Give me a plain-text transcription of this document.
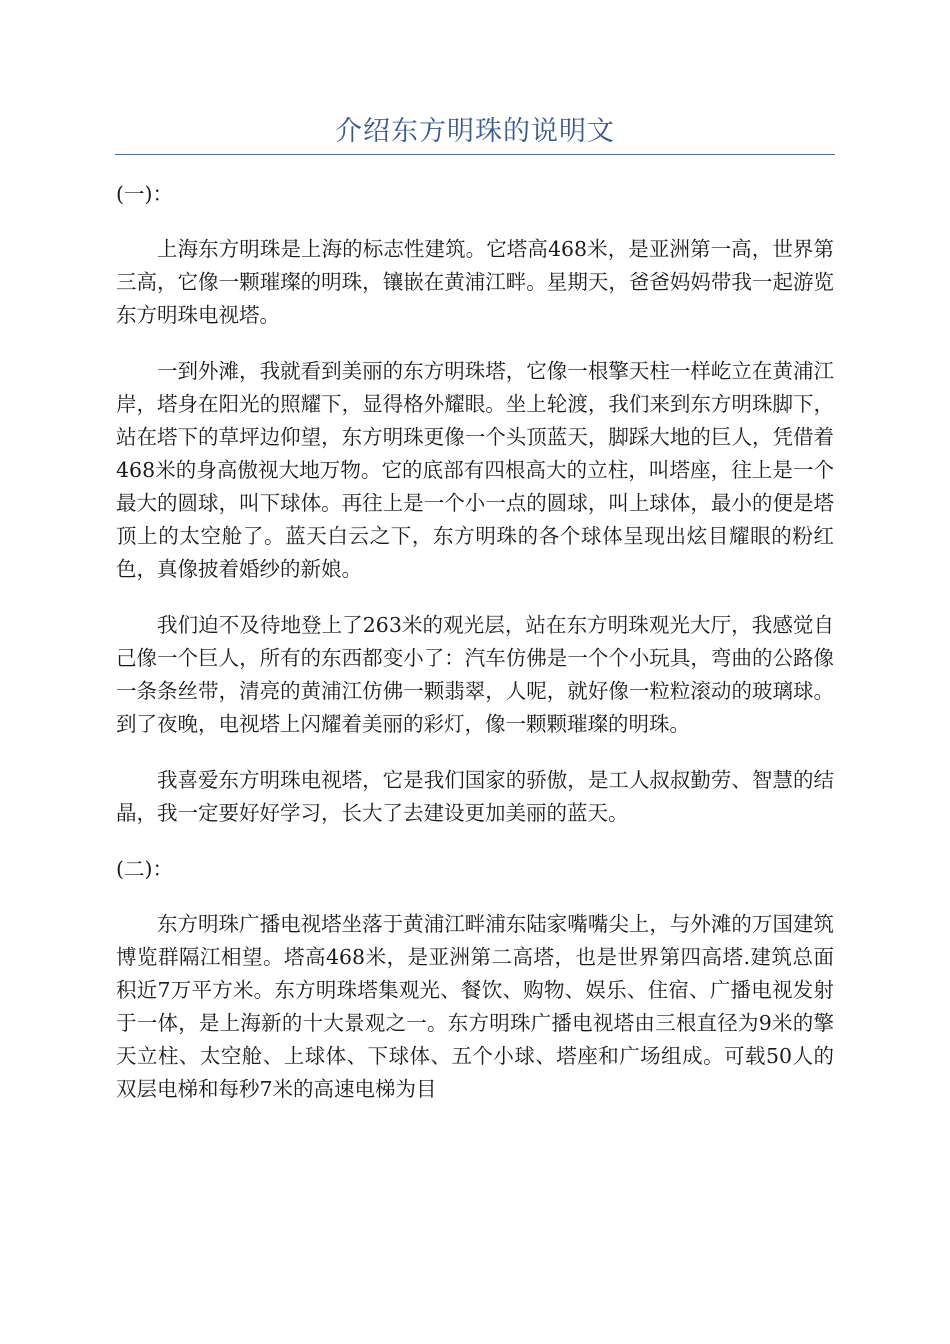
介绍东方明珠的说明文

(一)：

上海东方明珠是上海的标志性建筑。它塔高468米，是亚洲第一高，世界第三高，它像一颗璀璨的明珠，镶嵌在黄浦江畔。星期天，爸爸妈妈带我一起游览东方明珠电视塔。

一到外滩，我就看到美丽的东方明珠塔，它像一根擎天柱一样屹立在黄浦江岸，塔身在阳光的照耀下，显得格外耀眼。坐上轮渡，我们来到东方明珠脚下，站在塔下的草坪边仰望，东方明珠更像一个头顶蓝天，脚踩大地的巨人，凭借着468米的身高傲视大地万物。它的底部有四根高大的立柱，叫塔座，往上是一个最大的圆球，叫下球体。再往上是一个小一点的圆球，叫上球体，最小的便是塔顶上的太空舱了。蓝天白云之下，东方明珠的各个球体呈现出炫目耀眼的粉红色，真像披着婚纱的新娘。

我们迫不及待地登上了263米的观光层，站在东方明珠观光大厅，我感觉自己像一个巨人，所有的东西都变小了：汽车仿佛是一个个小玩具，弯曲的公路像一条条丝带，清亮的黄浦江仿佛一颗翡翠，人呢，就好像一粒粒滚动的玻璃球。到了夜晚，电视塔上闪耀着美丽的彩灯，像一颗颗璀璨的明珠。

我喜爱东方明珠电视塔，它是我们国家的骄傲，是工人叔叔勤劳、智慧的结晶，我一定要好好学习，长大了去建设更加美丽的蓝天。

(二)：

东方明珠广播电视塔坐落于黄浦江畔浦东陆家嘴嘴尖上，与外滩的万国建筑博览群隔江相望。塔高468米，是亚洲第二高塔，也是世界第四高塔.建筑总面积近7万平方米。东方明珠塔集观光、餐饮、购物、娱乐、住宿、广播电视发射于一体，是上海新的十大景观之一。东方明珠广播电视塔由三根直径为9米的擎天立柱、太空舱、上球体、下球体、五个小球、塔座和广场组成。可载50人的双层电梯和每秒7米的高速电梯为目
